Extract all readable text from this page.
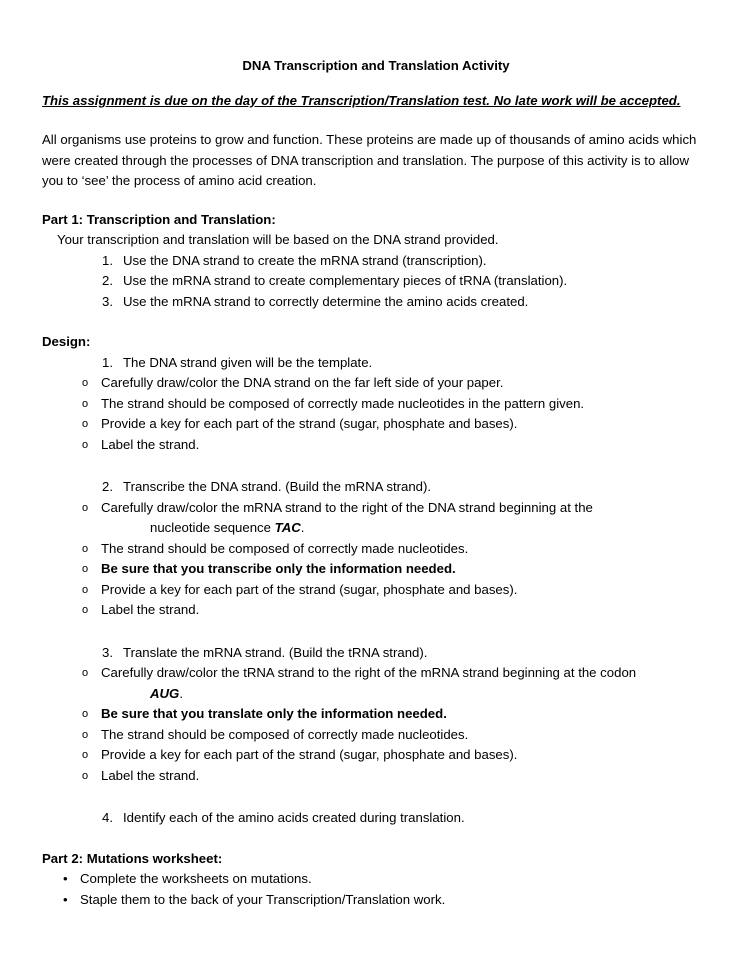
DNA Transcription and Translation Activity
This assignment is due on the day of the Transcription/Translation test. No late work will be accepted.
All organisms use proteins to grow and function. These proteins are made up of thousands of amino acids which were created through the processes of DNA transcription and translation. The purpose of this activity is to allow you to ‘see’ the process of amino acid creation.
Part 1: Transcription and Translation:
Your transcription and translation will be based on the DNA strand provided.
1. Use the DNA strand to create the mRNA strand (transcription).
2. Use the mRNA strand to create complementary pieces of tRNA (translation).
3. Use the mRNA strand to correctly determine the amino acids created.
Design:
1. The DNA strand given will be the template.
o Carefully draw/color the DNA strand on the far left side of your paper.
o The strand should be composed of correctly made nucleotides in the pattern given.
o Provide a key for each part of the strand (sugar, phosphate and bases).
o Label the strand.
2. Transcribe the DNA strand. (Build the mRNA strand).
o Carefully draw/color the mRNA strand to the right of the DNA strand beginning at the
nucleotide sequence TAC.
o The strand should be composed of correctly made nucleotides.
o Be sure that you transcribe only the information needed.
o Provide a key for each part of the strand (sugar, phosphate and bases).
o Label the strand.
3. Translate the mRNA strand. (Build the tRNA strand).
o Carefully draw/color the tRNA strand to the right of the mRNA strand beginning at the codon
AUG.
o Be sure that you translate only the information needed.
o The strand should be composed of correctly made nucleotides.
o Provide a key for each part of the strand (sugar, phosphate and bases).
o Label the strand.
4. Identify each of the amino acids created during translation.
Part 2: Mutations worksheet:
• Complete the worksheets on mutations.
• Staple them to the back of your Transcription/Translation work.
